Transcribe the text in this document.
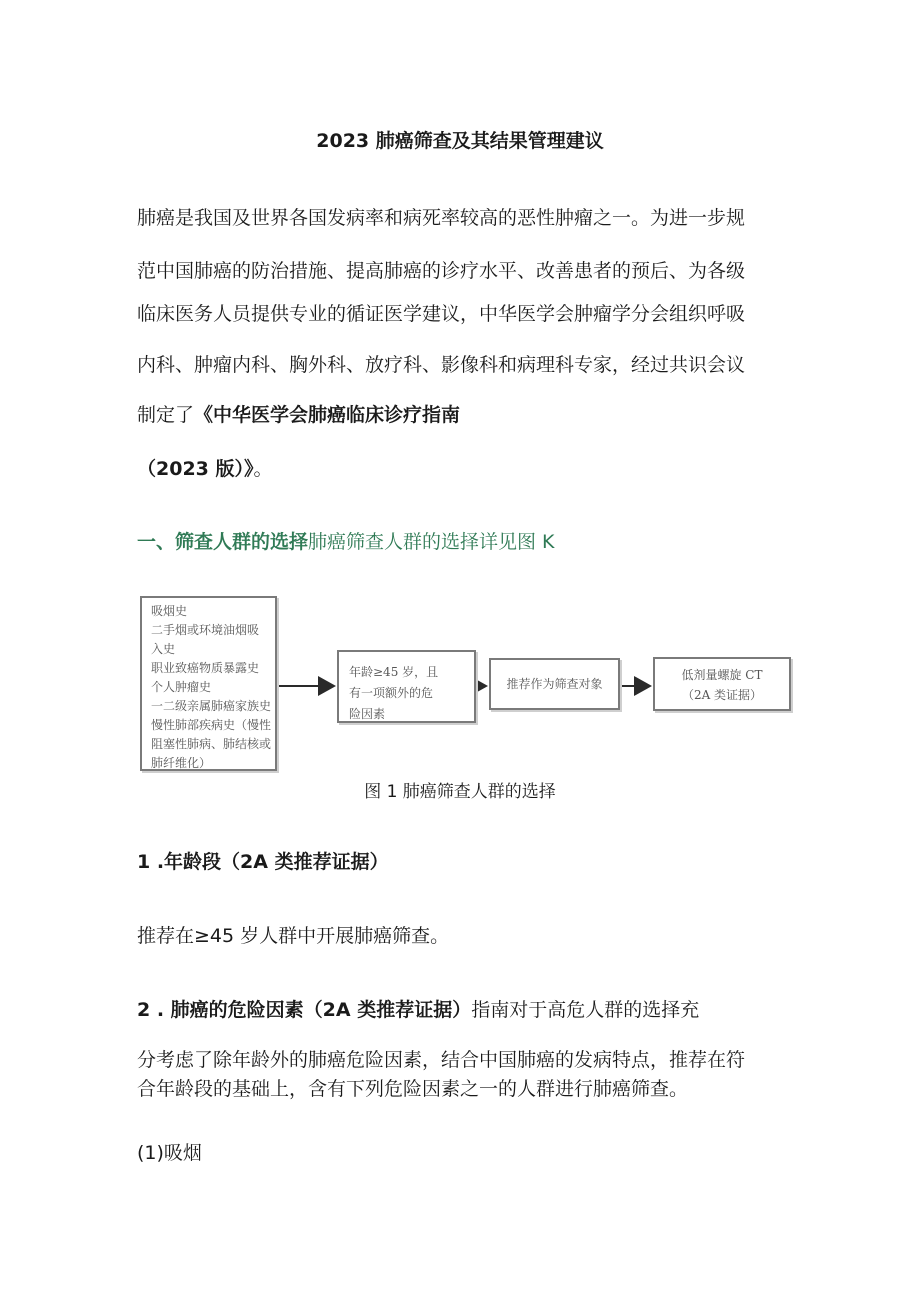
2023 肺癌筛查及其结果管理建议
肺癌是我国及世界各国发病率和病死率较高的恶性肿瘤之一。为进一步规
范中国肺癌的防治措施、提高肺癌的诊疗水平、改善患者的预后、为各级
临床医务人员提供专业的循证医学建议，中华医学会肿瘤学分会组织呼吸
内科、肿瘤内科、胸外科、放疗科、影像科和病理科专家，经过共识会议
制定了《中华医学会肺癌临床诊疗指南
（2023 版）》。
一、筛查人群的选择肺癌筛查人群的选择详见图 K
吸烟史
二手烟或环境油烟吸
入史
职业致癌物质暴露史
个人肿瘤史
一二级亲属肺癌家族史
慢性肺部疾病史（慢性
阻塞性肺病、肺结核或
肺纤维化）
年龄≥45 岁，且
有一项额外的危
险因素
推荐作为筛查对象
低剂量螺旋 CT
（2A 类证据）
图 1 肺癌筛查人群的选择
1 .年龄段（2A 类推荐证据）
推荐在≥45 岁人群中开展肺癌筛查。
2 . 肺癌的危险因素（2A 类推荐证据）指南对于高危人群的选择充
分考虑了除年龄外的肺癌危险因素，结合中国肺癌的发病特点，推荐在符
合年龄段的基础上，含有下列危险因素之一的人群进行肺癌筛查。
(1)吸烟
